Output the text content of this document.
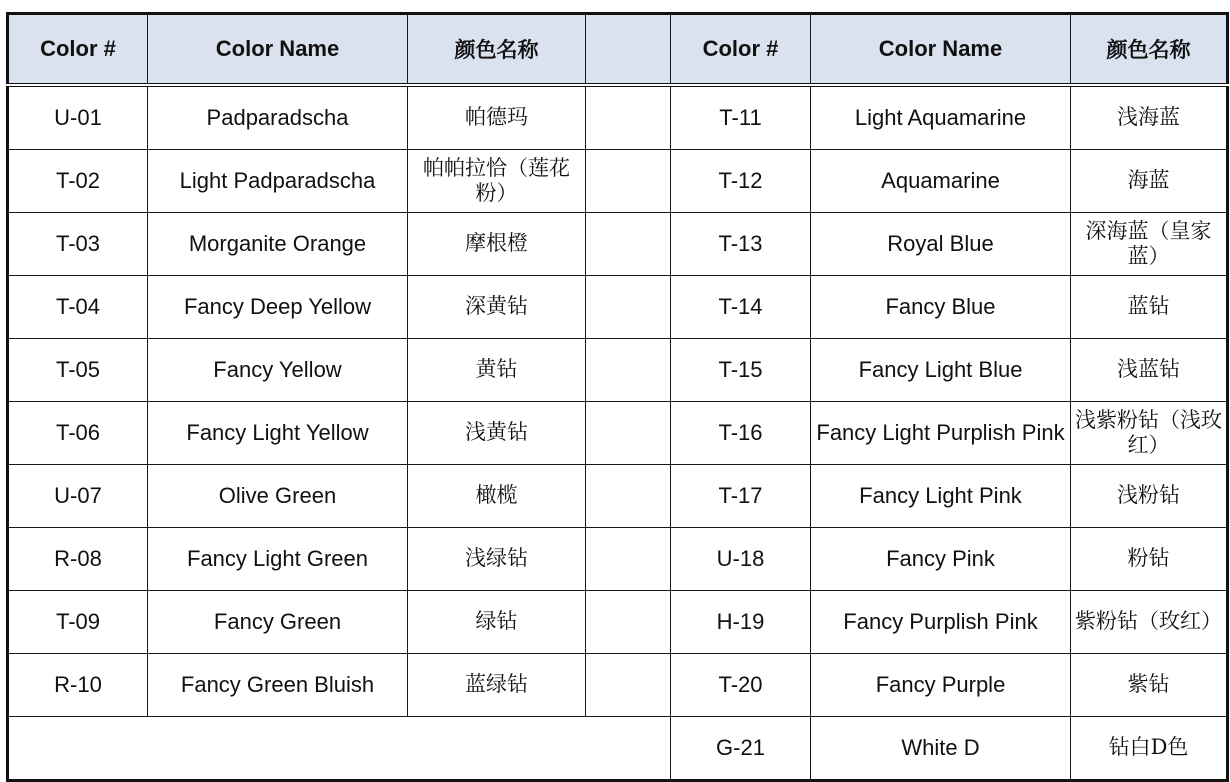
Color #	Color Name	颜色名称		Color #	Color Name	颜色名称
U-01	Padparadscha	帕德玛		T-11	Light Aquamarine	浅海蓝
T-02	Light Padparadscha	帕帕拉恰（莲花粉）		T-12	Aquamarine	海蓝
T-03	Morganite Orange	摩根橙		T-13	Royal Blue	深海蓝（皇家蓝）
T-04	Fancy Deep Yellow	深黄钻		T-14	Fancy Blue	蓝钻
T-05	Fancy Yellow	黄钻		T-15	Fancy Light Blue	浅蓝钻
T-06	Fancy Light Yellow	浅黄钻		T-16	Fancy Light Purplish Pink	浅紫粉钻（浅玫红）
U-07	Olive Green	橄榄		T-17	Fancy Light Pink	浅粉钻
R-08	Fancy Light Green	浅绿钻		U-18	Fancy Pink	粉钻
T-09	Fancy Green	绿钻		H-19	Fancy Purplish Pink	紫粉钻（玫红）
R-10	Fancy Green Bluish	蓝绿钻		T-20	Fancy Purple	紫钻
				G-21	White D	钻白D色
